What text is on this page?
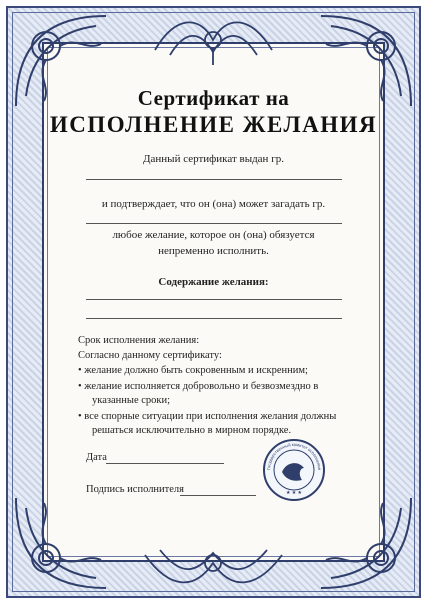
Сертификат на
ИСПОЛНЕНИЕ ЖЕЛАНИЯ
Данный сертификат выдан гр.
и подтверждает, что он (она) может загадать гр.
любое желание, которое он (она) обязуется
непременно исполнить.
Содержание желания:
Срок исполнения желания:
Согласно данному сертификату:
• желание должно быть сокровенным и искренним;
• желание исполняется добровольно и безвозмездно в
указанные сроки;
• все спорные ситуации при исполнения желания должны
решаться исключительно в мирном порядке.
Дата
Подпись исполнителя
Государственный комитет исполнения
★ ★ ★
